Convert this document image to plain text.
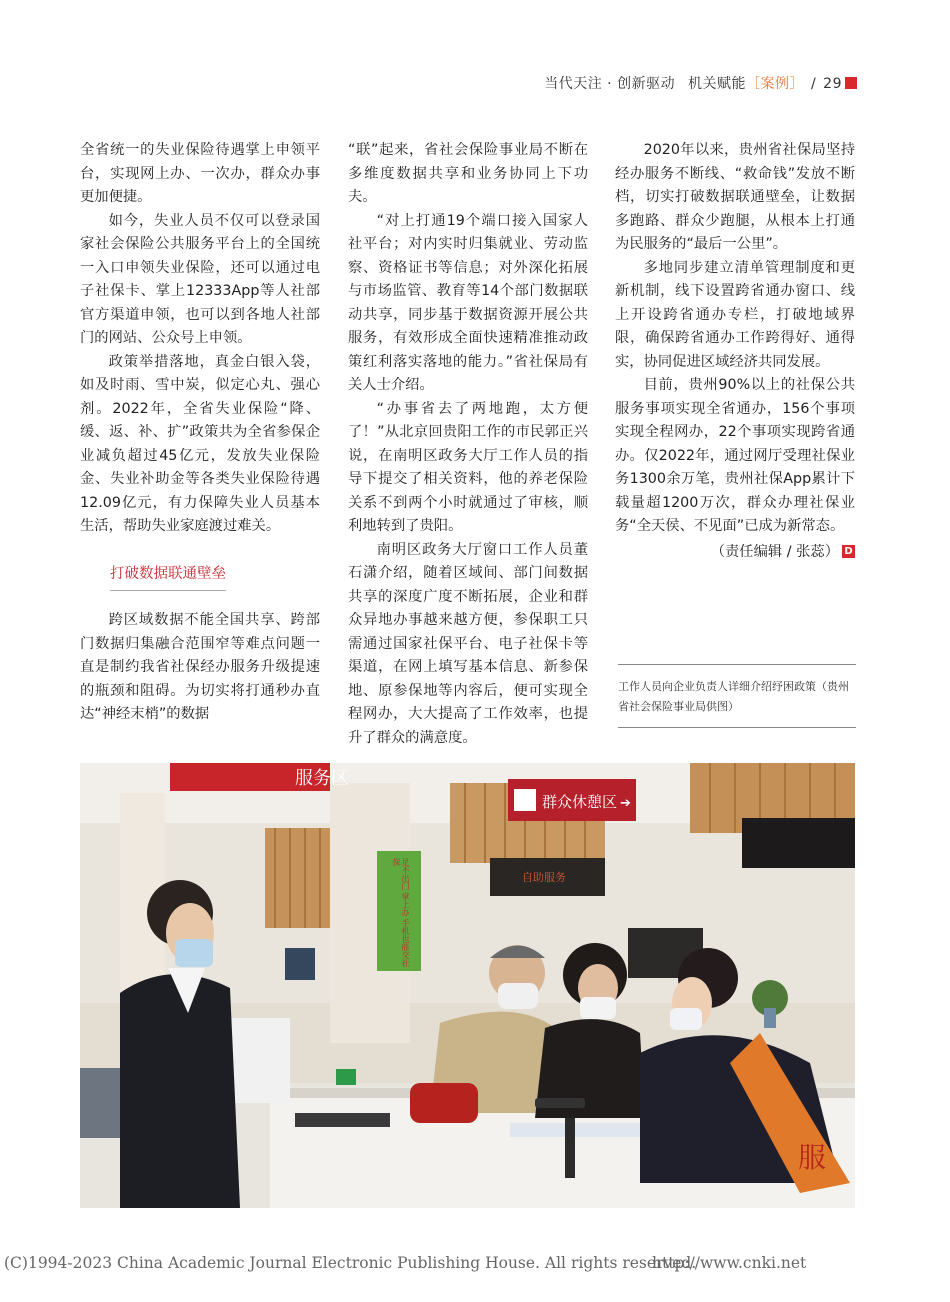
当代天注 · 创新驱动 机关赋能［案例］ / 29

全省统一的失业保险待遇掌上申领平台，实现网上办、一次办，群众办事更加便捷。

如今，失业人员不仅可以登录国家社会保险公共服务平台上的全国统一入口申领失业保险，还可以通过电子社保卡、掌上12333App等人社部官方渠道申领，也可以到各地人社部门的网站、公众号上申领。

政策举措落地，真金白银入袋，如及时雨、雪中炭，似定心丸、强心剂。2022年，全省失业保险“降、缓、返、补、扩”政策共为全省参保企业减负超过45亿元，发放失业保险金、失业补助金等各类失业保险待遇12.09亿元，有力保障失业人员基本生活，帮助失业家庭渡过难关。

打破数据联通壁垒

跨区域数据不能全国共享、跨部门数据归集融合范围窄等难点问题一直是制约我省社保经办服务升级提速的瓶颈和阻碍。为切实将打通秒办直达“神经末梢”的数据

“联”起来，省社会保险事业局不断在多维度数据共享和业务协同上下功夫。

“对上打通19个端口接入国家人社平台；对内实时归集就业、劳动监察、资格证书等信息；对外深化拓展与市场监管、教育等14个部门数据联动共享，同步基于数据资源开展公共服务，有效形成全面快速精准推动政策红利落实落地的能力。”省社保局有关人士介绍。

“办事省去了两地跑，太方便了！”从北京回贵阳工作的市民郭正兴说，在南明区政务大厅工作人员的指导下提交了相关资料，他的养老保险关系不到两个小时就通过了审核，顺利地转到了贵阳。

南明区政务大厅窗口工作人员董石潇介绍，随着区域间、部门间数据共享的深度广度不断拓展，企业和群众异地办事越来越方便，参保职工只需通过国家社保平台、电子社保卡等渠道，在网上填写基本信息、新参保地、原参保地等内容后，便可实现全程网办，大大提高了工作效率，也提升了群众的满意度。

2020年以来，贵州省社保局坚持经办服务不断线、“救命钱”发放不断档，切实打破数据联通壁垒，让数据多跑路、群众少跑腿，从根本上打通为民服务的“最后一公里”。

多地同步建立清单管理制度和更新机制，线下设置跨省通办窗口、线上开设跨省通办专栏，打破地域界限，确保跨省通办工作跨得好、通得实，协同促进区域经济共同发展。

目前，贵州90%以上的社保公共服务事项实现全省通办，156个事项实现全程网办，22个事项实现跨省通办。仅2022年，通过网厅受理社保业务1300余万笔，贵州社保App累计下载量超1200万次，群众办理社保业务“全天侯、不见面”已成为新常态。

（责任编辑 / 张蕊） D

工作人员向企业负责人详细介绍纾困政策（贵州省社会保险事业局供图）
服务区
群众休憩区 ➔
自助服务
足不出门 掌上办 手机也能交社保
服
(C)1994-2023 China Academic Journal Electronic Publishing House. All rights reserved.
http://www.cnki.net
